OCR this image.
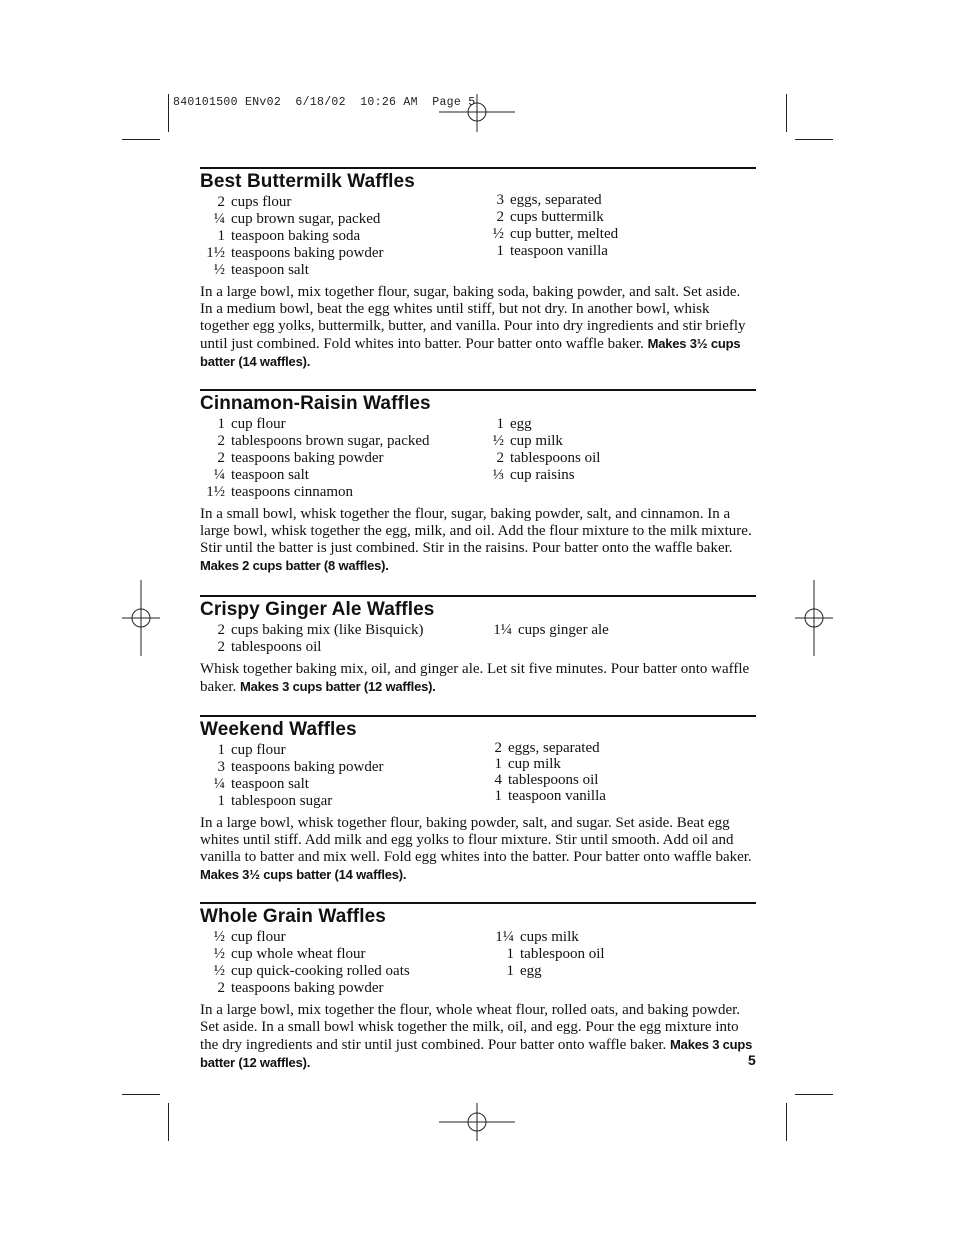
840101500 ENv02  6/18/02  10:26 AM  Page 5
Best Buttermilk Waffles
2 cups flour
¼ cup brown sugar, packed
1 teaspoon baking soda
1½ teaspoons baking powder
½ teaspoon salt
3 eggs, separated
2 cups buttermilk
½ cup butter, melted
1 teaspoon vanilla
In a large bowl, mix together flour, sugar, baking soda, baking powder, and salt. Set aside. In a medium bowl, beat the egg whites until stiff, but not dry. In another bowl, whisk together egg yolks, buttermilk, butter, and vanilla. Pour into dry ingredients and stir briefly until just combined. Fold whites into batter. Pour batter onto waffle baker. Makes 3½ cups batter (14 waffles).
Cinnamon-Raisin Waffles
1 cup flour
2 tablespoons brown sugar, packed
2 teaspoons baking powder
¼ teaspoon salt
1½ teaspoons cinnamon
1 egg
½ cup milk
2 tablespoons oil
⅓ cup raisins
In a small bowl, whisk together the flour, sugar, baking powder, salt, and cinnamon. In a large bowl, whisk together the egg, milk, and oil. Add the flour mixture to the milk mixture. Stir until the batter is just combined. Stir in the raisins. Pour batter onto the waffle baker. Makes 2 cups batter (8 waffles).
Crispy Ginger Ale Waffles
2 cups baking mix (like Bisquick)
2 tablespoons oil
1¼ cups ginger ale
Whisk together baking mix, oil, and ginger ale. Let sit five minutes. Pour batter onto waffle baker. Makes 3 cups batter (12 waffles).
Weekend Waffles
1 cup flour
3 teaspoons baking powder
¼ teaspoon salt
1 tablespoon sugar
2 eggs, separated
1 cup milk
4 tablespoons oil
1 teaspoon vanilla
In a large bowl, whisk together flour, baking powder, salt, and sugar. Set aside. Beat egg whites until stiff. Add milk and egg yolks to flour mixture. Stir until smooth. Add oil and vanilla to batter and mix well. Fold egg whites into the batter. Pour batter onto waffle baker. Makes 3½ cups batter (14 waffles).
Whole Grain Waffles
½ cup flour
½ cup whole wheat flour
½ cup quick-cooking rolled oats
2 teaspoons baking powder
1¼ cups milk
1 tablespoon oil
1 egg
In a large bowl, mix together the flour, whole wheat flour, rolled oats, and baking powder. Set aside. In a small bowl whisk together the milk, oil, and egg. Pour the egg mixture into the dry ingredients and stir until just combined. Pour batter onto waffle baker. Makes 3 cups batter (12 waffles).	5
